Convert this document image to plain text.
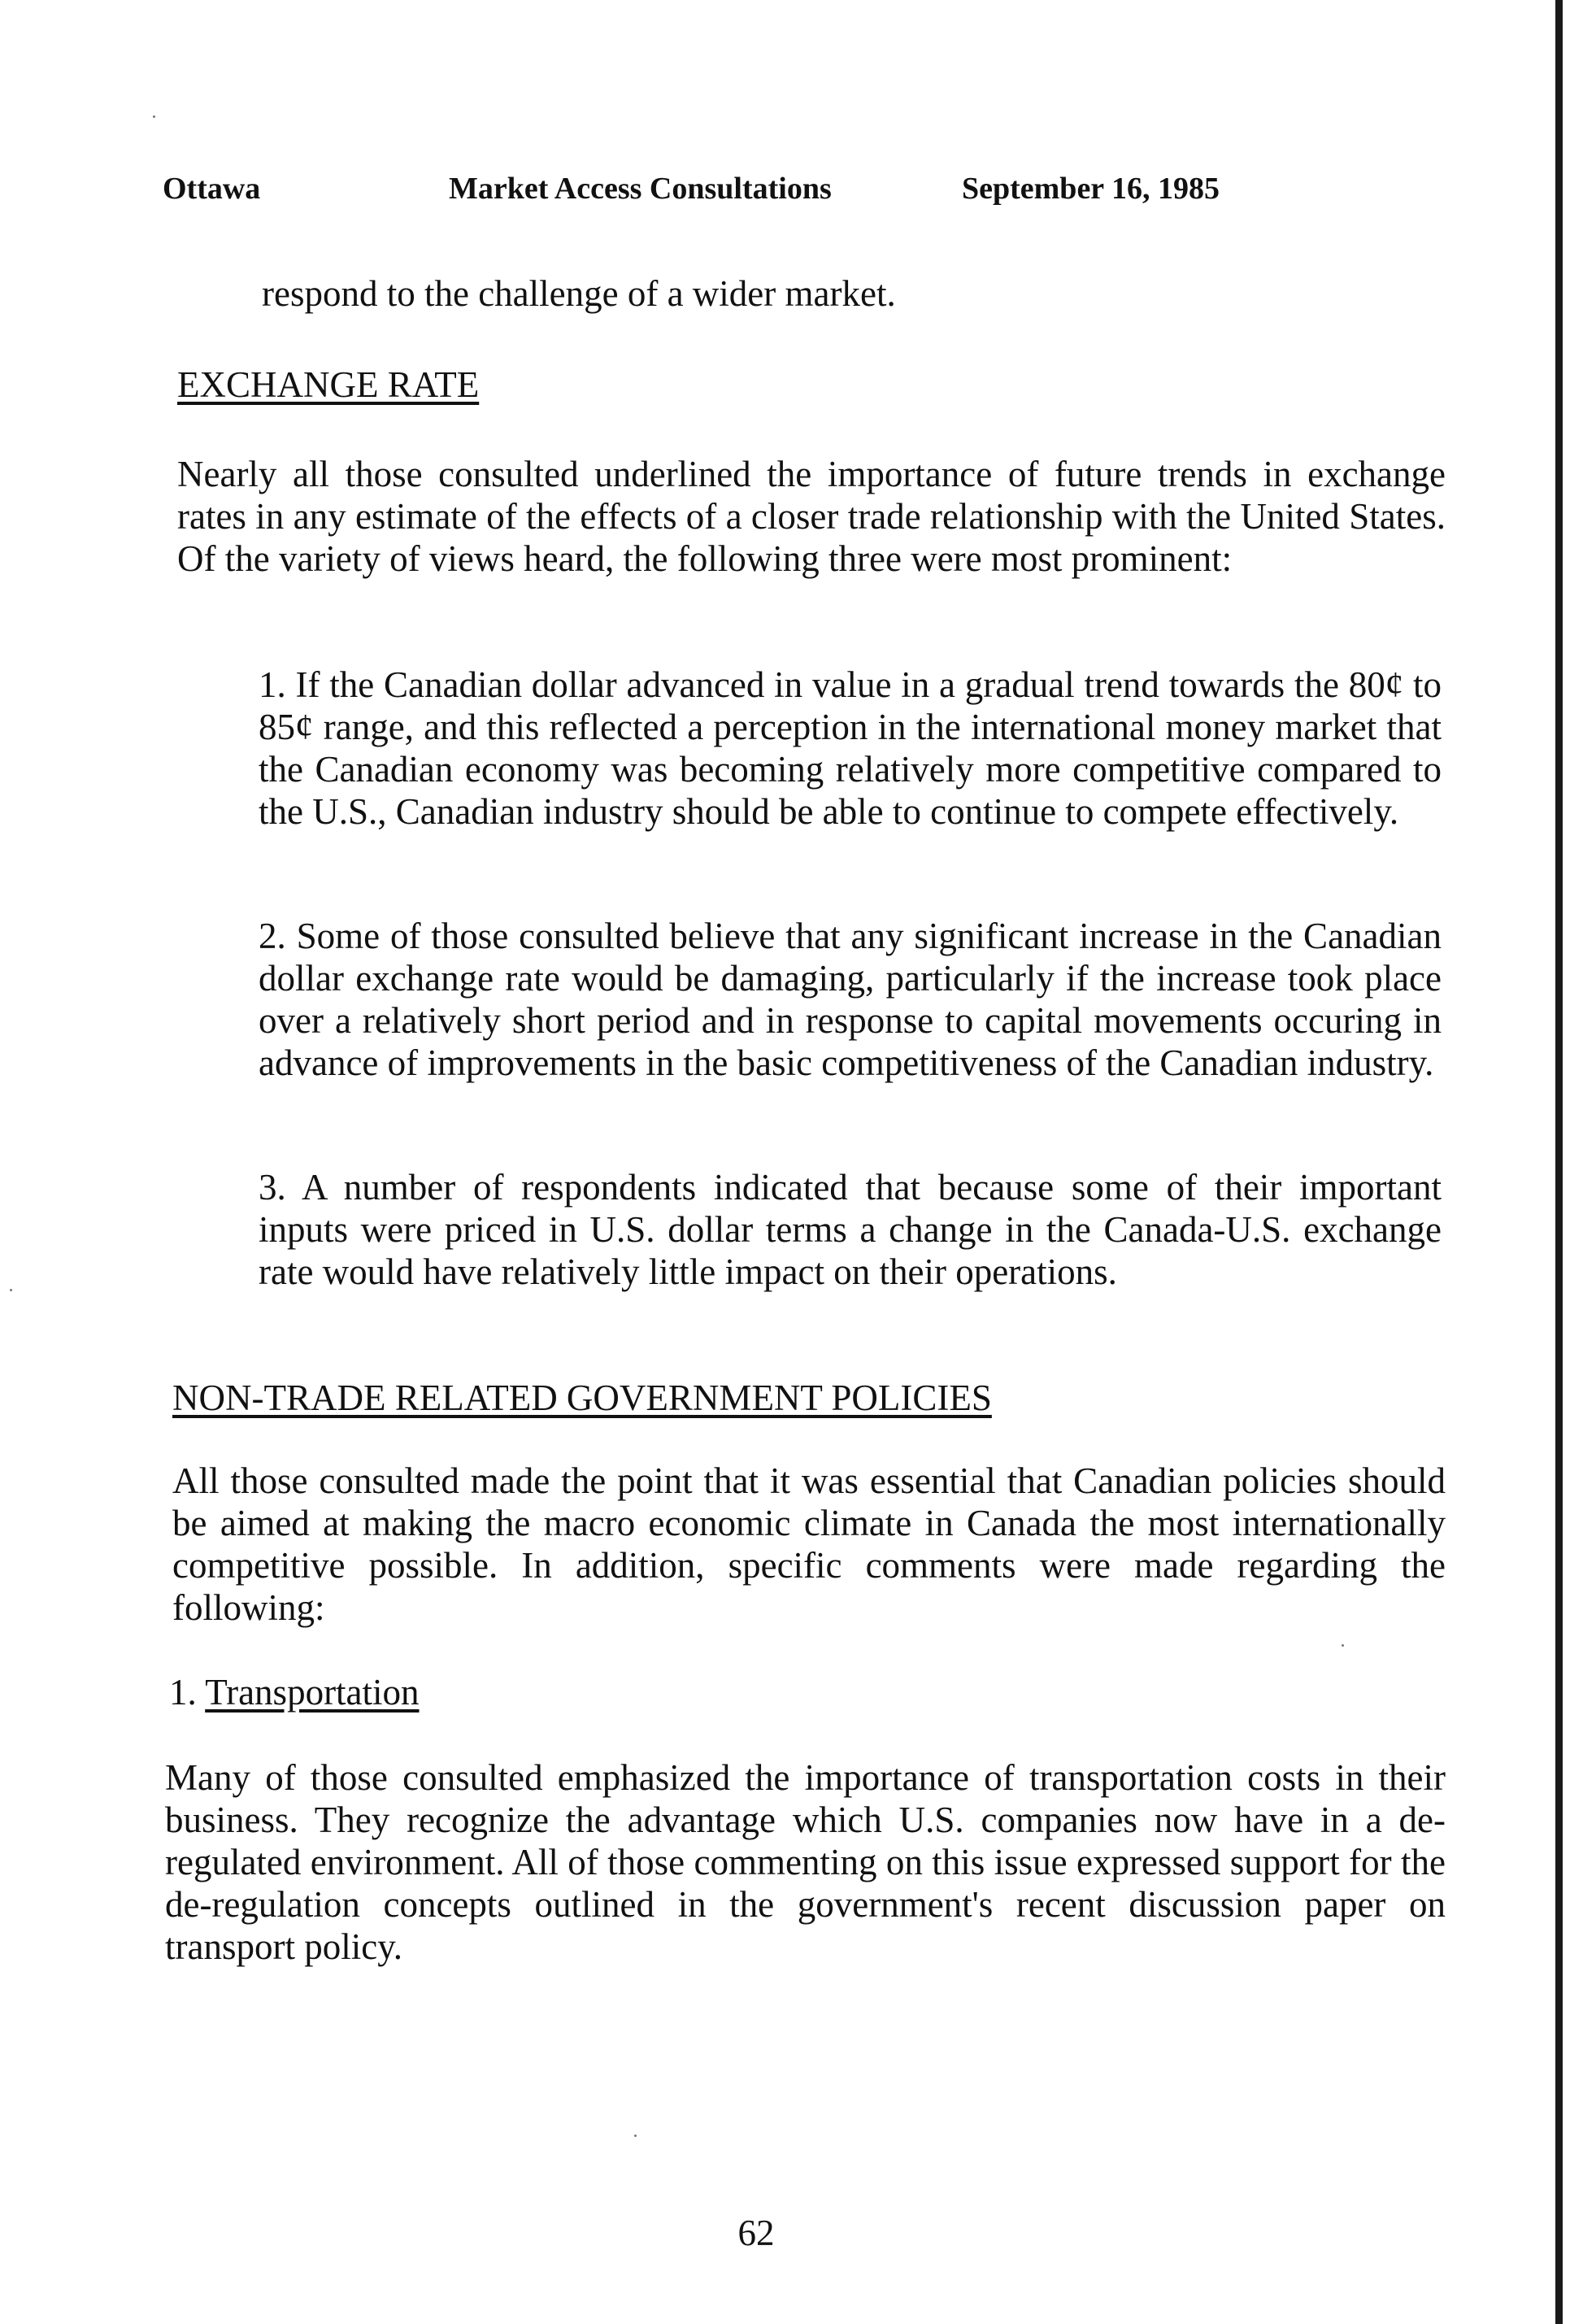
Ottawa	Market Access Consultations	September 16, 1985
respond to the challenge of a wider market.
EXCHANGE RATE
Nearly all those consulted underlined the importance of future trends in exchange rates in any estimate of the effects of a closer trade relationship with the United States. Of the variety of views heard, the following three were most prominent:
1. If the Canadian dollar advanced in value in a gradual trend towards the 80¢ to 85¢ range, and this reflected a perception in the international money market that the Canadian economy was becoming relatively more competitive compared to the U.S., Canadian industry should be able to continue to compete effectively.
2. Some of those consulted believe that any significant increase in the Canadian dollar exchange rate would be damaging, particularly if the increase took place over a relatively short period and in response to capital movements occuring in advance of improvements in the basic competitiveness of the Canadian industry.
3. A number of respondents indicated that because some of their important inputs were priced in U.S. dollar terms a change in the Canada-U.S. exchange rate would have relatively little impact on their operations.
NON-TRADE RELATED GOVERNMENT POLICIES
All those consulted made the point that it was essential that Canadian policies should be aimed at making the macro economic climate in Canada the most internationally competitive possible. In addition, specific comments were made regarding the following:
1. Transportation
Many of those consulted emphasized the importance of transportation costs in their business. They recognize the advantage which U.S. companies now have in a de-regulated environment. All of those commenting on this issue expressed support for the de-regulation concepts outlined in the government's recent discussion paper on transport policy.
62
